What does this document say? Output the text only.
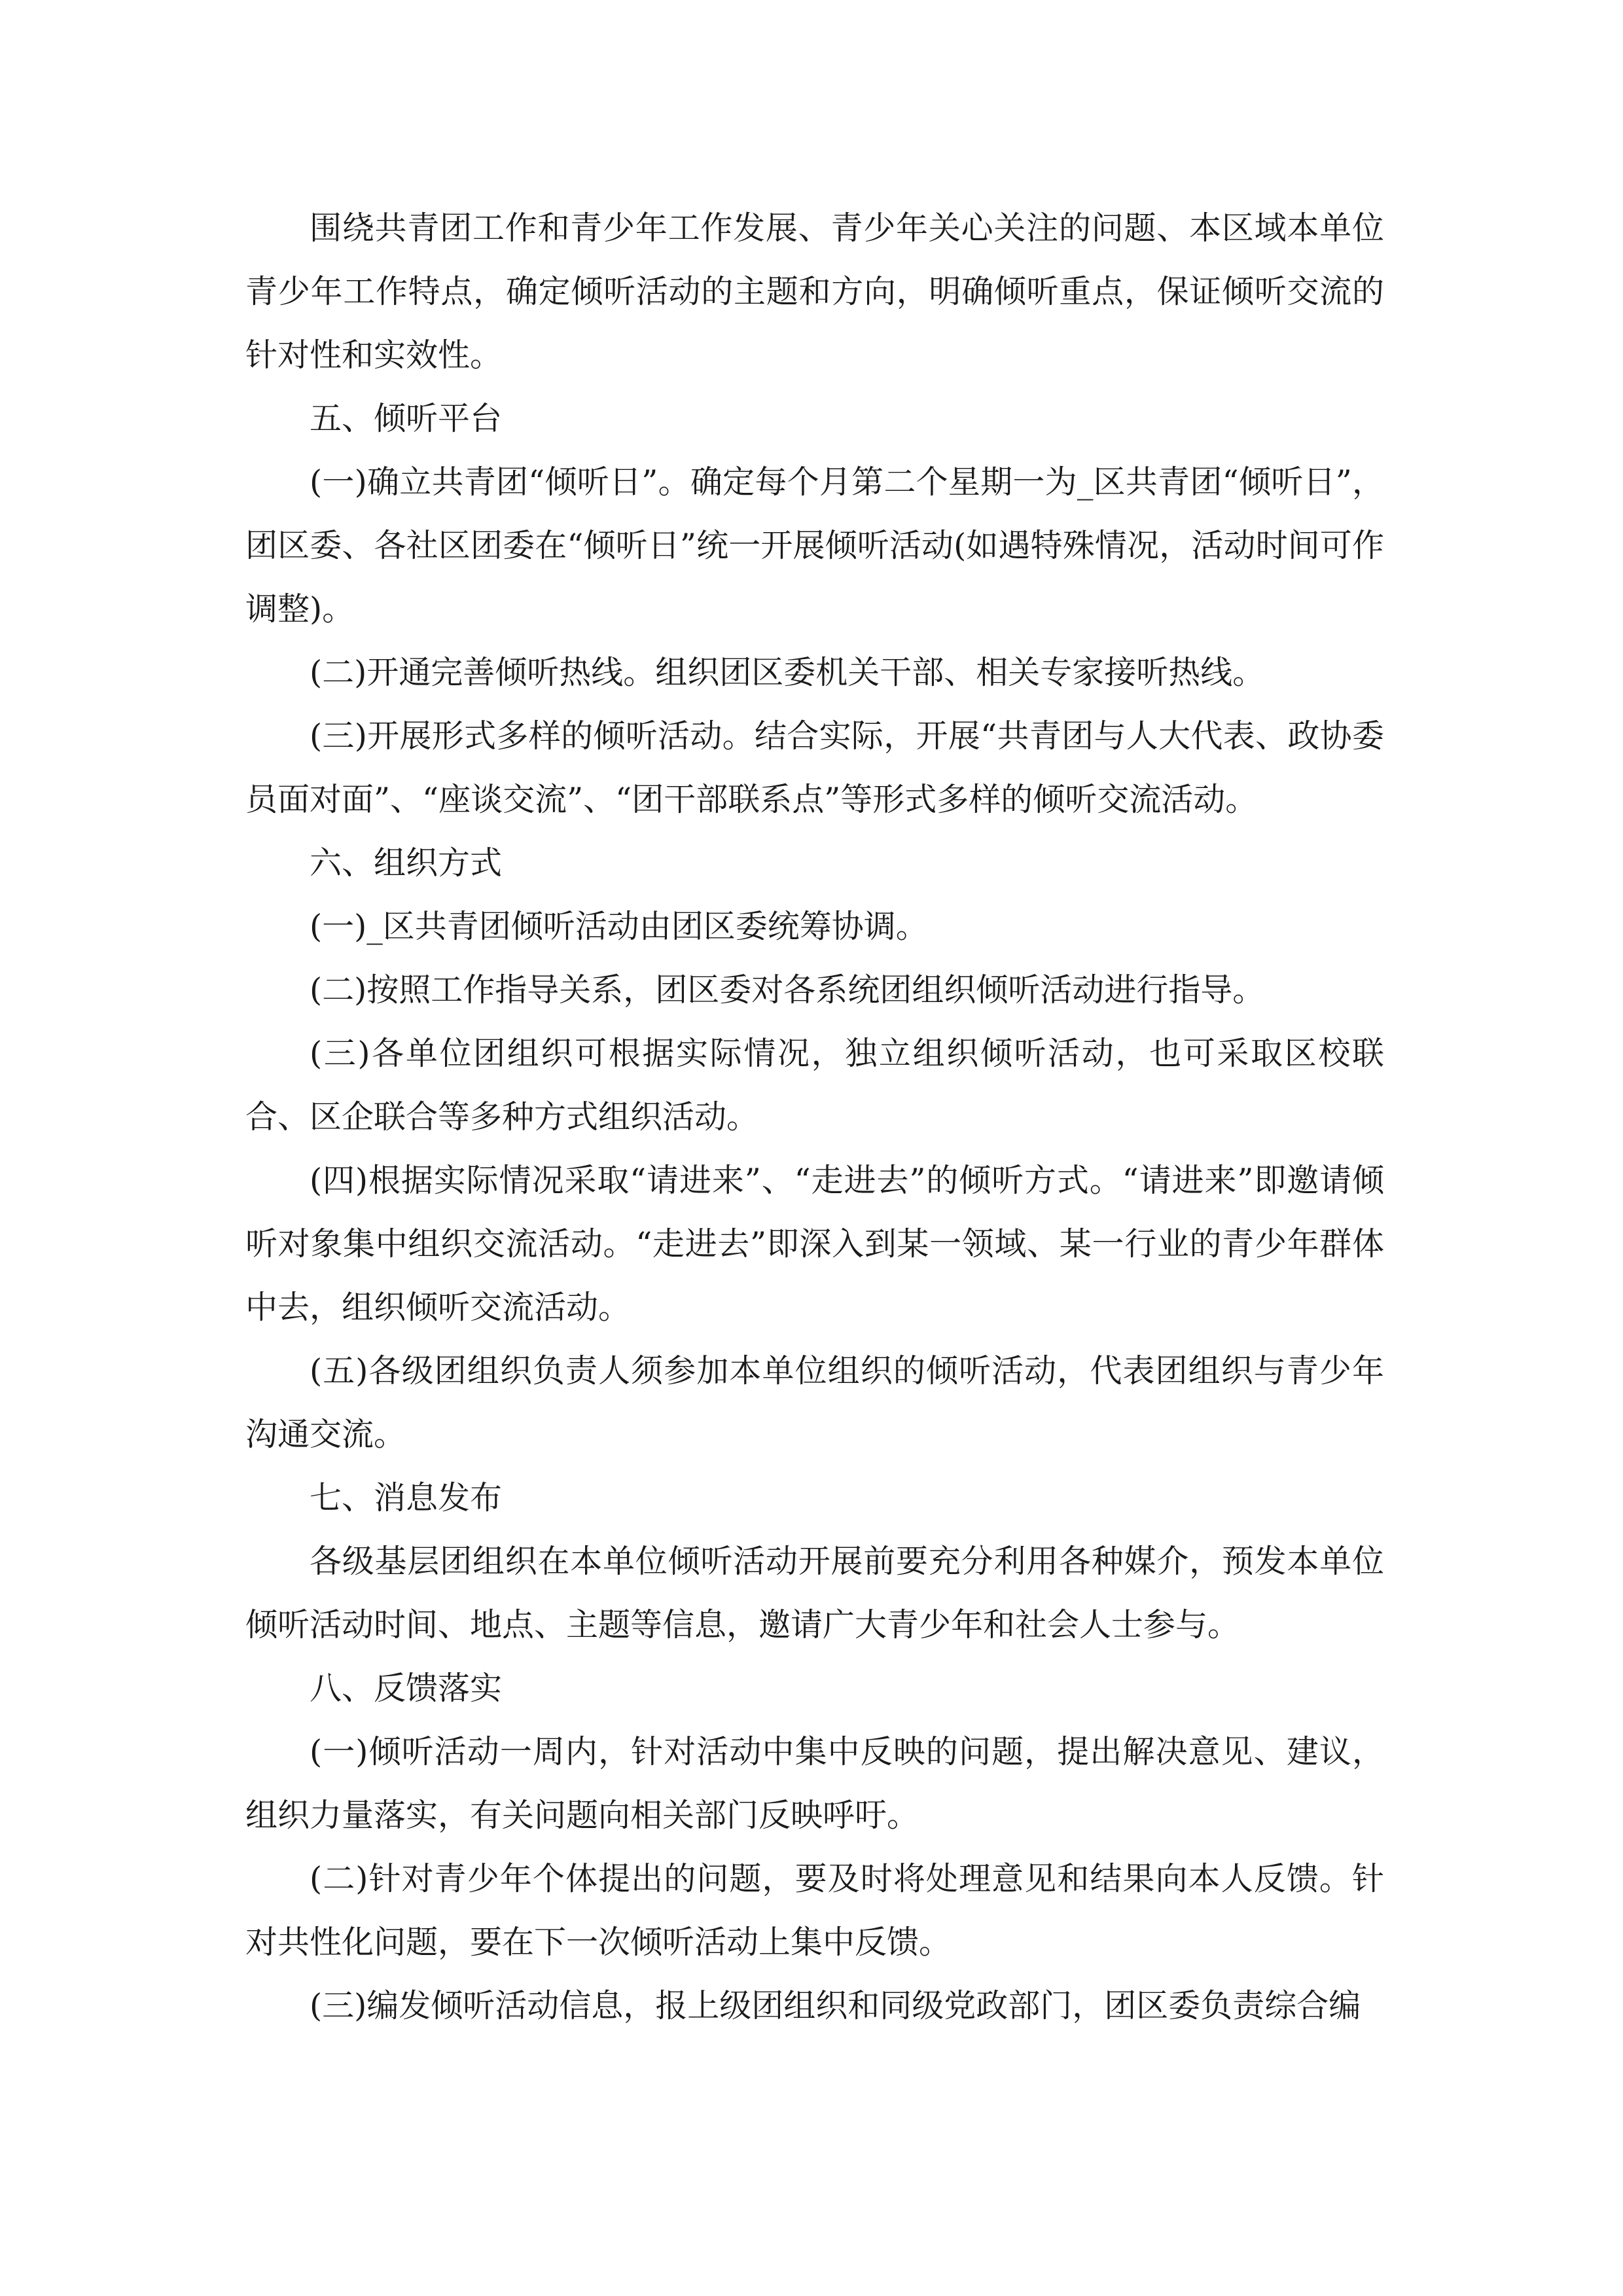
围绕共青团工作和青少年工作发展、青少年关心关注的问题、本区域本单位青少年工作特点，确定倾听活动的主题和方向，明确倾听重点，保证倾听交流的针对性和实效性。

五、倾听平台

(一)确立共青团“倾听日”。确定每个月第二个星期一为_区共青团“倾听日”，团区委、各社区团委在“倾听日”统一开展倾听活动(如遇特殊情况，活动时间可作调整)。

(二)开通完善倾听热线。组织团区委机关干部、相关专家接听热线。

(三)开展形式多样的倾听活动。结合实际，开展“共青团与人大代表、政协委员面对面”、“座谈交流”、“团干部联系点”等形式多样的倾听交流活动。

六、组织方式

(一)_区共青团倾听活动由团区委统筹协调。

(二)按照工作指导关系，团区委对各系统团组织倾听活动进行指导。

(三)各单位团组织可根据实际情况，独立组织倾听活动，也可采取区校联合、区企联合等多种方式组织活动。

(四)根据实际情况采取“请进来”、“走进去”的倾听方式。“请进来”即邀请倾听对象集中组织交流活动。“走进去”即深入到某一领域、某一行业的青少年群体中去，组织倾听交流活动。

(五)各级团组织负责人须参加本单位组织的倾听活动，代表团组织与青少年沟通交流。

七、消息发布

各级基层团组织在本单位倾听活动开展前要充分利用各种媒介，预发本单位倾听活动时间、地点、主题等信息，邀请广大青少年和社会人士参与。

八、反馈落实

(一)倾听活动一周内，针对活动中集中反映的问题，提出解决意见、建议，组织力量落实，有关问题向相关部门反映呼吁。

(二)针对青少年个体提出的问题，要及时将处理意见和结果向本人反馈。针对共性化问题，要在下一次倾听活动上集中反馈。

(三)编发倾听活动信息，报上级团组织和同级党政部门，团区委负责综合编
